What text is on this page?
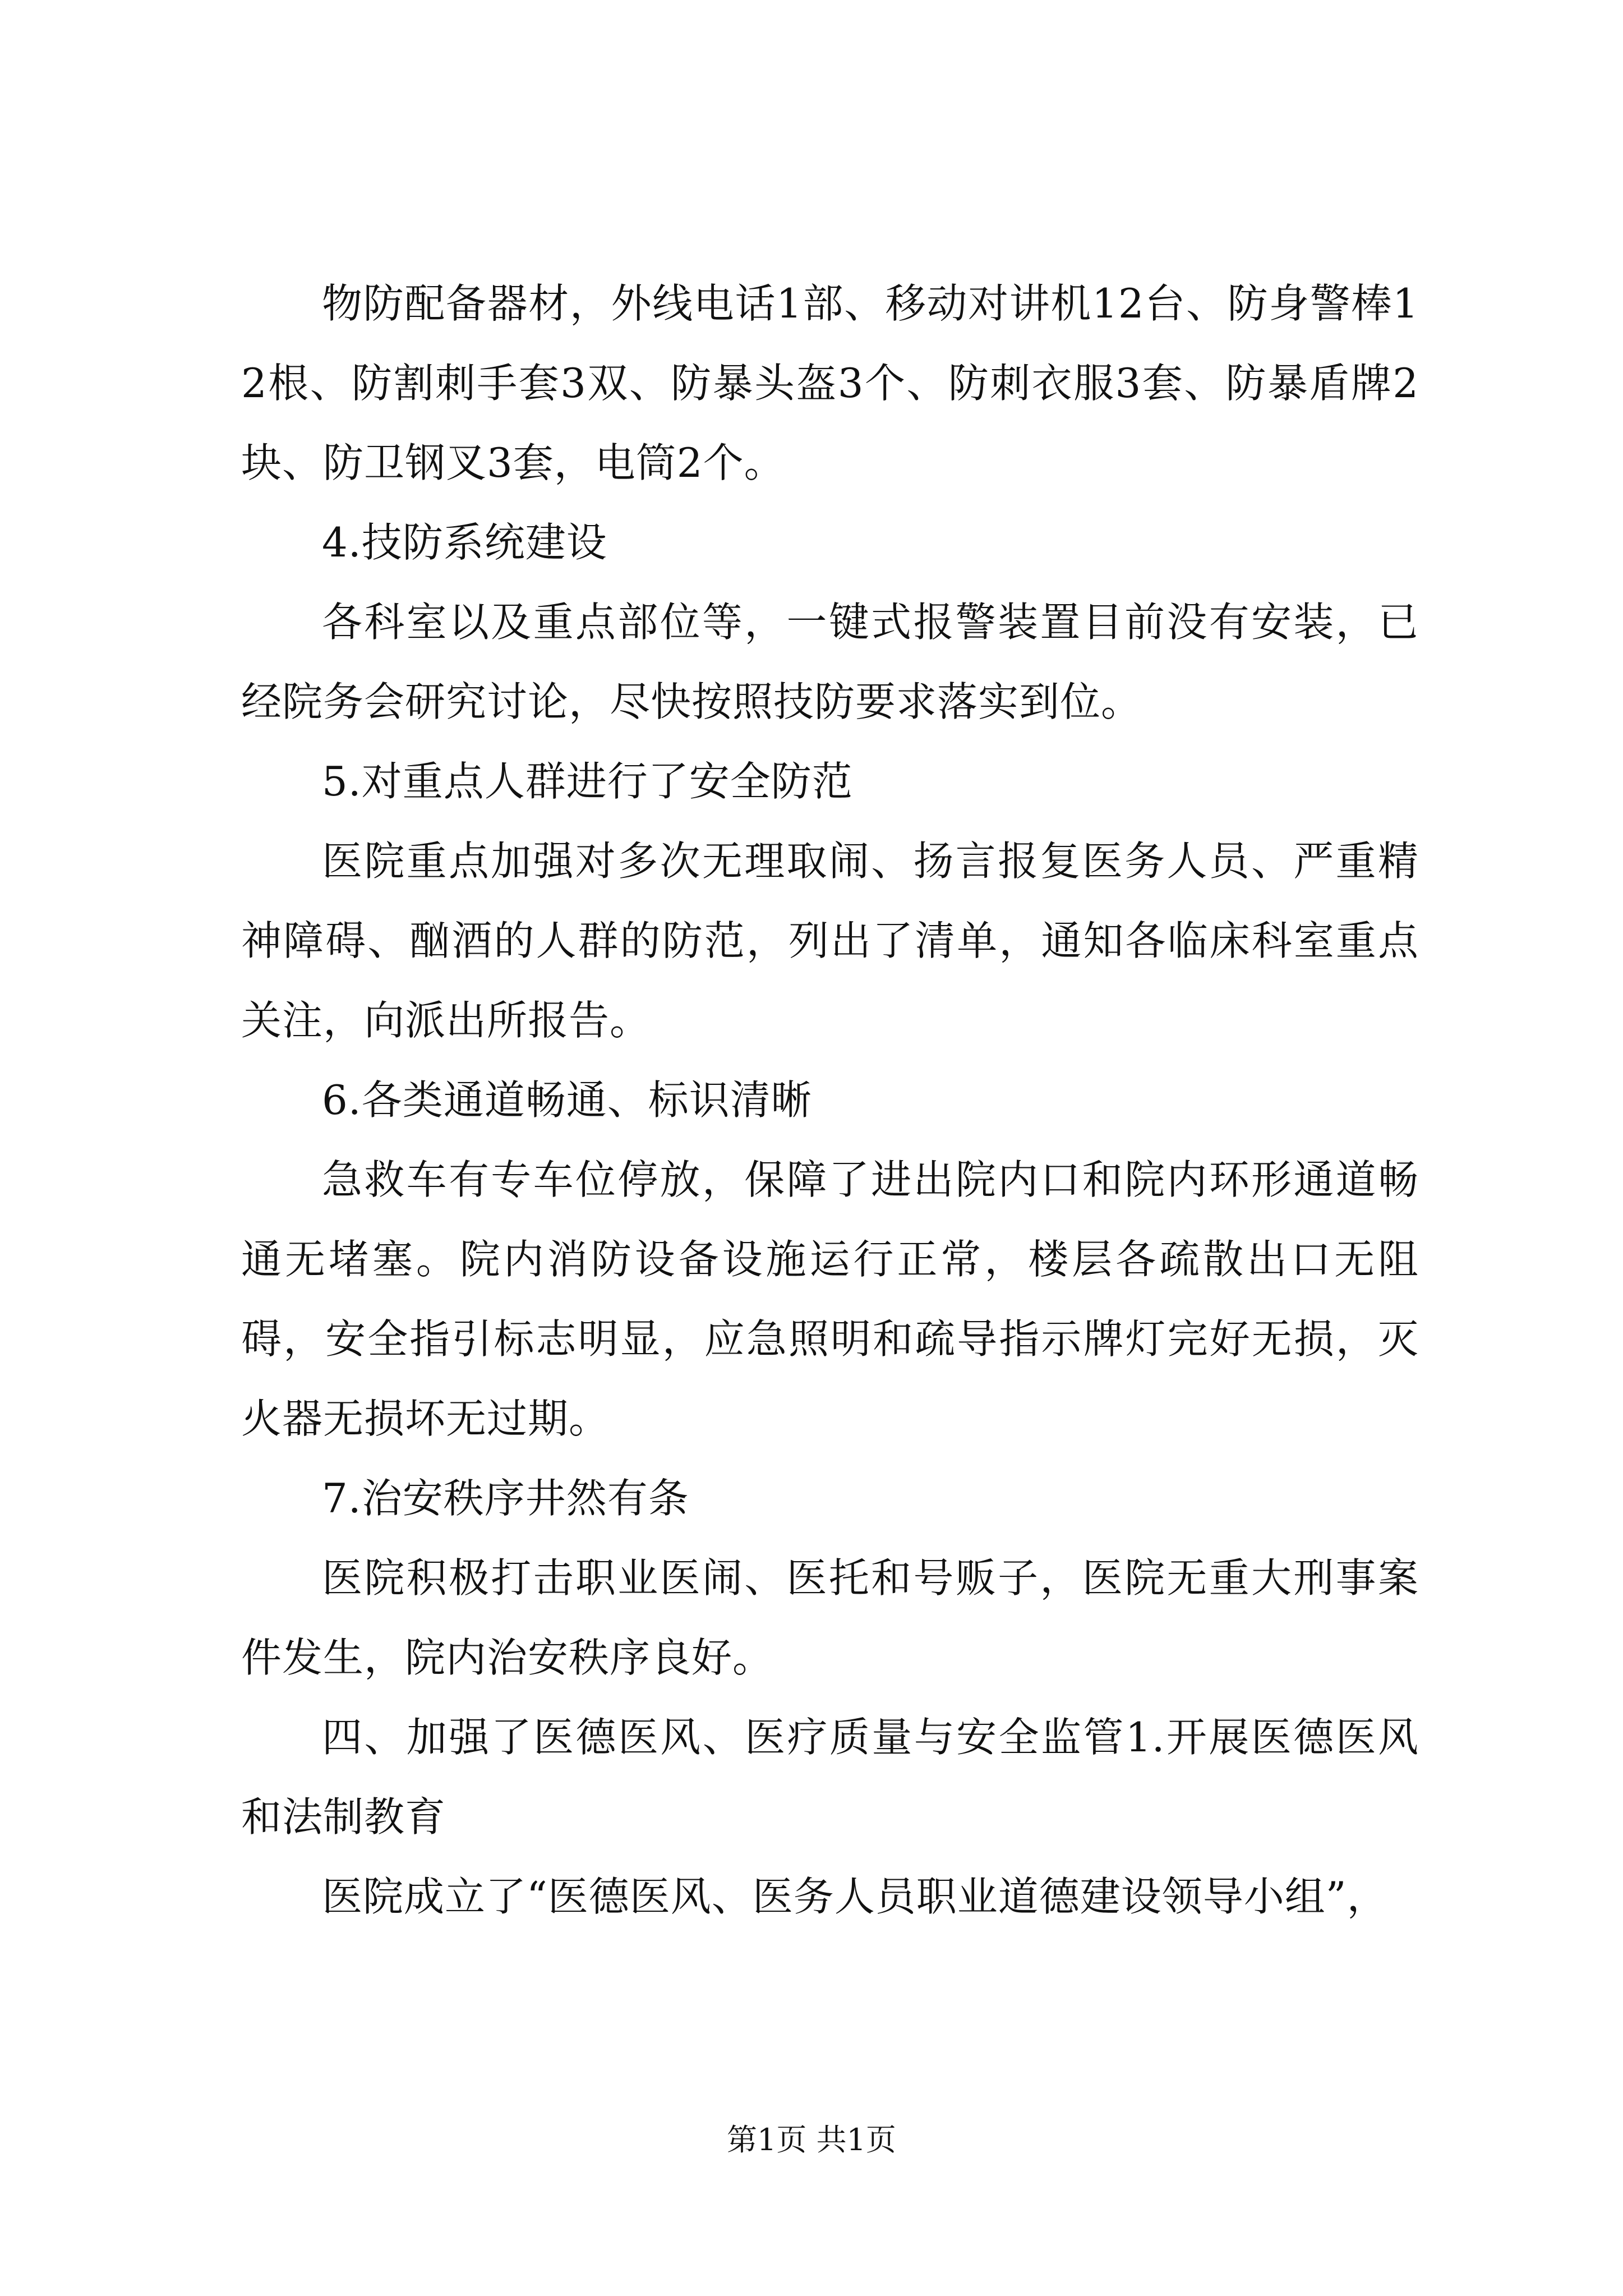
物防配备器材，外线电话1部、移动对讲机12台、防身警棒12根、防割刺手套3双、防暴头盔3个、防刺衣服3套、防暴盾牌2块、防卫钢叉3套，电筒2个。

4.技防系统建设

各科室以及重点部位等，一键式报警装置目前没有安装，已经院务会研究讨论，尽快按照技防要求落实到位。

5.对重点人群进行了安全防范

医院重点加强对多次无理取闹、扬言报复医务人员、严重精神障碍、酗酒的人群的防范，列出了清单，通知各临床科室重点关注，向派出所报告。

6.各类通道畅通、标识清晰

急救车有专车位停放，保障了进出院内口和院内环形通道畅通无堵塞。院内消防设备设施运行正常，楼层各疏散出口无阻碍，安全指引标志明显，应急照明和疏导指示牌灯完好无损，灭火器无损坏无过期。

7.治安秩序井然有条

医院积极打击职业医闹、医托和号贩子，医院无重大刑事案件发生，院内治安秩序良好。

四、加强了医德医风、医疗质量与安全监管1.开展医德医风和法制教育

医院成立了“医德医风、医务人员职业道德建设领导小组”，

第1页 共1页
